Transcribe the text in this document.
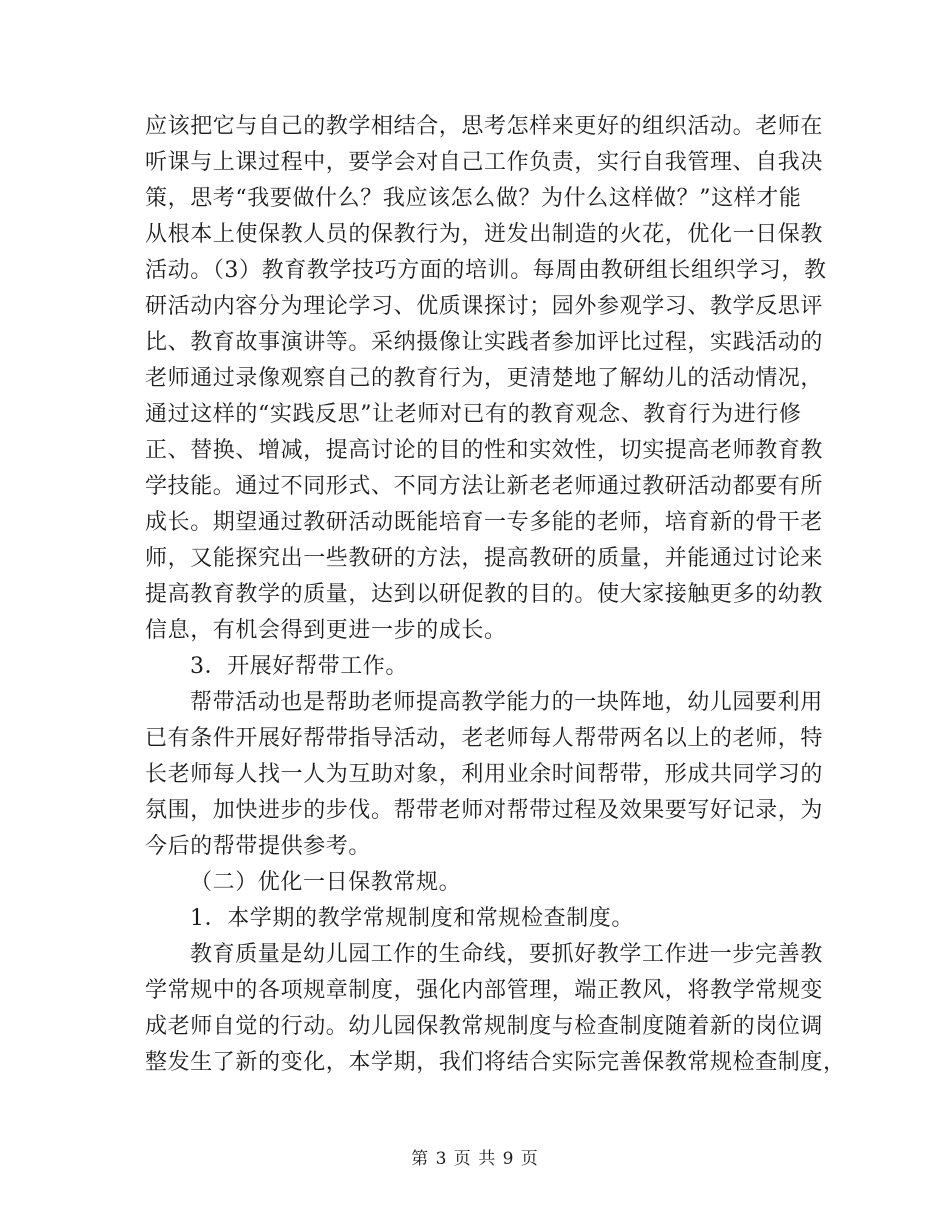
应该把它与自己的教学相结合，思考怎样来更好的组织活动。老师在
听课与上课过程中，要学会对自己工作负责，实行自我管理、自我决
策，思考“我要做什么？我应该怎么做？为什么这样做？”这样才能
从根本上使保教人员的保教行为，迸发出制造的火花，优化一日保教
活动。（3）教育教学技巧方面的培训。每周由教研组长组织学习，教
研活动内容分为理论学习、优质课探讨；园外参观学习、教学反思评
比、教育故事演讲等。采纳摄像让实践者参加评比过程，实践活动的
老师通过录像观察自己的教育行为，更清楚地了解幼儿的活动情况，
通过这样的“实践反思”让老师对已有的教育观念、教育行为进行修
正、替换、增减，提高讨论的目的性和实效性，切实提高老师教育教
学技能。通过不同形式、不同方法让新老老师通过教研活动都要有所
成长。期望通过教研活动既能培育一专多能的老师，培育新的骨干老
师，又能探究出一些教研的方法，提高教研的质量，并能通过讨论来
提高教育教学的质量，达到以研促教的目的。使大家接触更多的幼教
信息，有机会得到更进一步的成长。
3．开展好帮带工作。
帮带活动也是帮助老师提高教学能力的一块阵地，幼儿园要利用
已有条件开展好帮带指导活动，老老师每人帮带两名以上的老师，特
长老师每人找一人为互助对象，利用业余时间帮带，形成共同学习的
氛围，加快进步的步伐。帮带老师对帮带过程及效果要写好记录，为
今后的帮带提供参考。
（二）优化一日保教常规。
1．本学期的教学常规制度和常规检查制度。
教育质量是幼儿园工作的生命线，要抓好教学工作进一步完善教
学常规中的各项规章制度，强化内部管理，端正教风，将教学常规变
成老师自觉的行动。幼儿园保教常规制度与检查制度随着新的岗位调
整发生了新的变化，本学期，我们将结合实际完善保教常规检查制度，
第 3 页 共 9 页
